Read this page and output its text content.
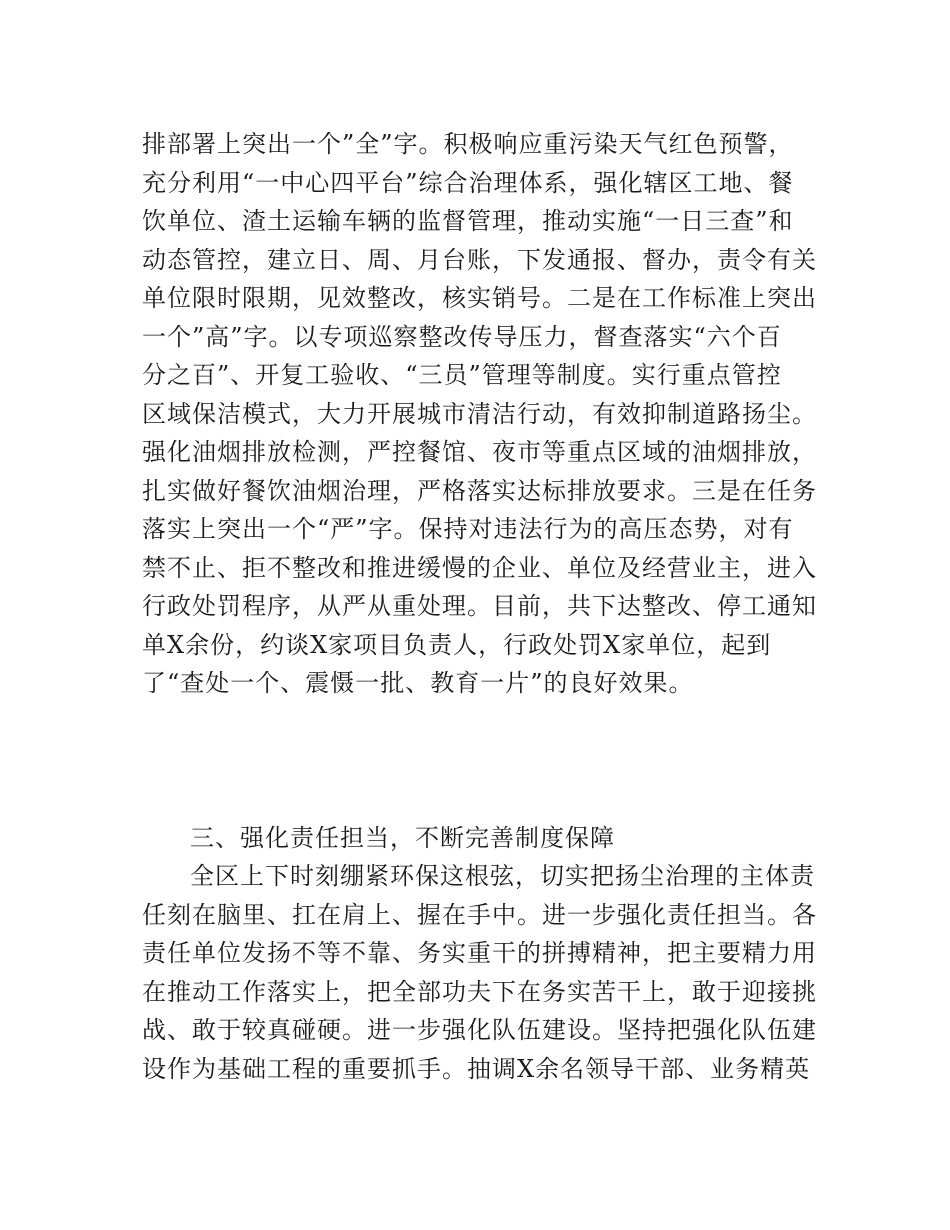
排部署上突出一个”全”字。积极响应重污染天气红色预警，
充分利用“一中心四平台”综合治理体系，强化辖区工地、餐
饮单位、渣土运输车辆的监督管理，推动实施“一日三查”和
动态管控，建立日、周、月台账，下发通报、督办，责令有关
单位限时限期，见效整改，核实销号。二是在工作标准上突出
一个”高”字。以专项巡察整改传导压力，督查落实“六个百
分之百”、开复工验收、“三员”管理等制度。实行重点管控
区域保洁模式，大力开展城市清洁行动，有效抑制道路扬尘。
强化油烟排放检测，严控餐馆、夜市等重点区域的油烟排放，
扎实做好餐饮油烟治理，严格落实达标排放要求。三是在任务
落实上突出一个“严”字。保持对违法行为的高压态势，对有
禁不止、拒不整改和推进缓慢的企业、单位及经营业主，进入
行政处罚程序，从严从重处理。目前，共下达整改、停工通知
单X余份，约谈X家项目负责人，行政处罚X家单位，起到
了“查处一个、震慑一批、教育一片”的良好效果。
三、强化责任担当，不断完善制度保障
全区上下时刻绷紧环保这根弦，切实把扬尘治理的主体责
任刻在脑里、扛在肩上、握在手中。进一步强化责任担当。各
责任单位发扬不等不靠、务实重干的拼搏精神，把主要精力用
在推动工作落实上，把全部功夫下在务实苦干上，敢于迎接挑
战、敢于较真碰硬。进一步强化队伍建设。坚持把强化队伍建
设作为基础工程的重要抓手。抽调X余名领导干部、业务精英
